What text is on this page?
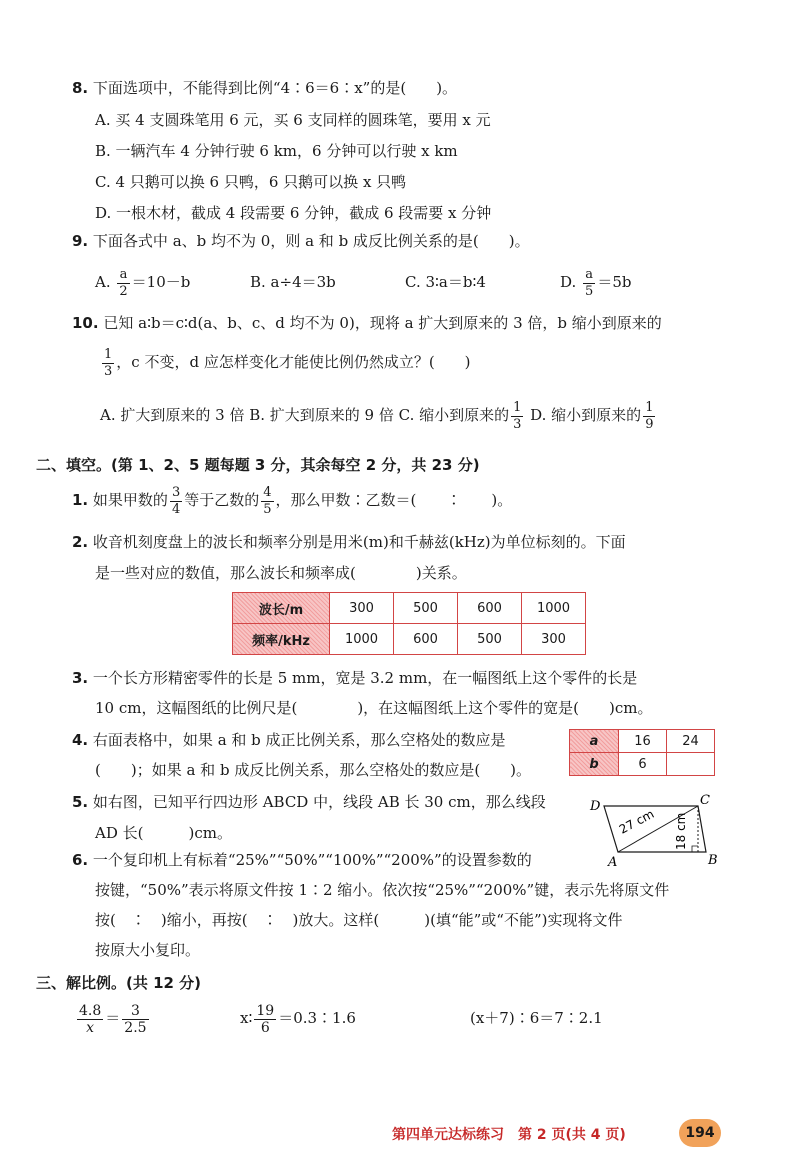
8. 下面选项中，不能得到比例“4∶6＝6∶x”的是(　　)。
A. 买 4 支圆珠笔用 6 元，买 6 支同样的圆珠笔，要用 x 元
B. 一辆汽车 4 分钟行驶 6 km，6 分钟可以行驶 x km
C. 4 只鹅可以换 6 只鸭，6 只鹅可以换 x 只鸭
D. 一根木材，截成 4 段需要 6 分钟，截成 6 段需要 x 分钟
9. 下面各式中 a、b 均不为 0，则 a 和 b 成反比例关系的是(　　)。
A. $\frac{a}{2} =10-b$	B. a÷4＝3b	C. 3∶a＝b∶4	D. $\frac{a}{5} =5b$
10. 已知 a∶b＝c∶d(a、b、c、d 均不为 0)，现将 a 扩大到原来的 3 倍，b 缩小到原来的
$\frac{1}{3}$ ，c 不变，d 应怎样变化才能使比例仍然成立？(　　)
A. 扩大到原来的 3 倍 B. 扩大到原来的 9 倍 C. 缩小到原来的 $\frac{1}{3} D$. 缩小到原来的 $\frac{1}{9}$
二、填空。(第 1、2、5 题每题 3 分，其余每空 2 分，共 23 分)
1. 如果甲数的 $\frac{3}{4}$ 等于乙数的 $\frac{4}{5}$ ，那么甲数∶乙数＝(　　∶　　)。
2. 收音机刻度盘上的波长和频率分别是用米(m)和千赫兹(kHz)为单位标刻的。下面
是一些对应的数值，那么波长和频率成(　　　　)关系。
波长/m	300	500	600	1000
频率/kHz	1000	600	500	300
3. 一个长方形精密零件的长是 5 mm，宽是 3.2 mm，在一幅图纸上这个零件的长是
10 cm，这幅图纸的比例尺是(　　　　)，在这幅图纸上这个零件的宽是(　　)cm。
4. 右面表格中，如果 a 和 b 成正比例关系，那么空格处的数应是
(　　)；如果 a 和 b 成反比例关系，那么空格处的数应是(　　)。
a	16	24
b	6	
5. 如右图，已知平行四边形 ABCD 中，线段 AB 长 30 cm，那么线段
AD 长(　　　)cm。
D	C
A	B
27 cm 18 cm
6. 一个复印机上有标着“25%”“50%”“100%”“200%”的设置参数的
按键，“50%”表示将原文件按 1∶2 缩小。依次按“25%”“200%”键，表示先将原文件
按(　∶　)缩小，再按(　∶　)放大。这样(　　　)(填“能”或“不能”)实现将文件
按原大小复印。
三、解比例。(共 12 分)
$\frac{4.8}{x} = \frac{3}{2.5}$	x∶ $\frac{19}{6}$ ＝0.3∶1.6	(x＋7)∶6＝7∶2.1
第四单元达标练习　第 2 页(共 4 页)	194
